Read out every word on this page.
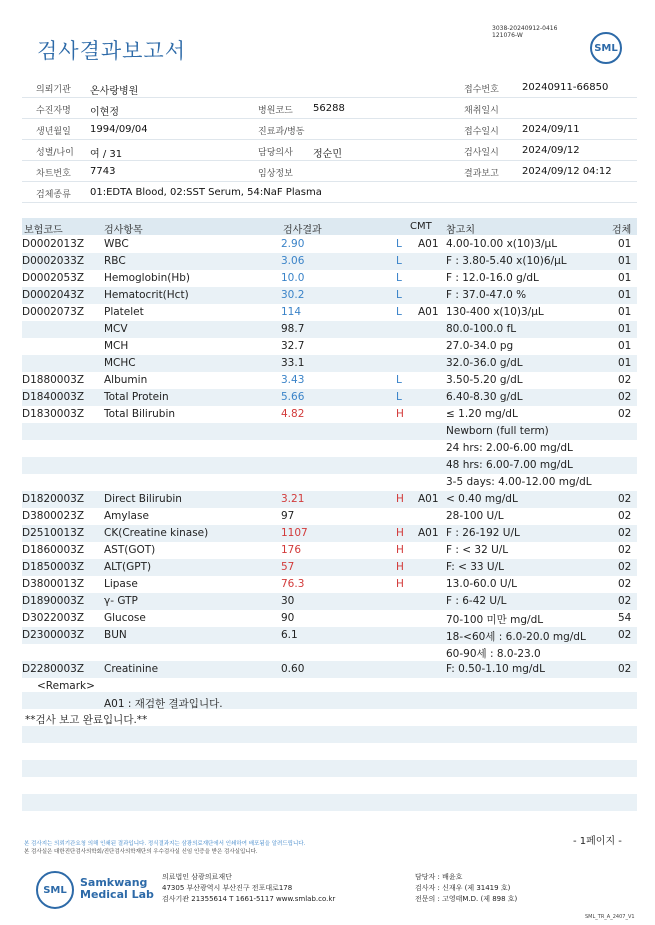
검사결과보고서
3038-20240912-0416
121076-W
SML
의뢰기관 온사랑병원	접수번호 20240911-66850
수진자명 이현정	병원코드 56288	채취일시
생년월일 1994/09/04	진료과/병동	접수일시 2024/09/11
성별/나이 여 / 31	담당의사 정순민	검사일시 2024/09/12
차트번호 7743	임상정보	결과보고 2024/09/12 04:12
검체종류 01:EDTA Blood, 02:SST Serum, 54:NaF Plasma
보험코드	검사항목	검사결과	CMT 참고치	검체
D0002013Z WBC	2.90	L A01 4.00-10.00 x(10)3/μL	01
D0002033Z RBC	3.06	L	F : 3.80-5.40 x(10)6/μL	01
D0002053Z Hemoglobin(Hb)	10.0	L	F : 12.0-16.0 g/dL	01
D0002043Z Hematocrit(Hct)	30.2	L	F : 37.0-47.0 %	01
D0002073Z Platelet	114	L A01 130-400 x(10)3/μL	01
MCV	98.7	80.0-100.0 fL	01
MCH	32.7	27.0-34.0 pg	01
MCHC	33.1	32.0-36.0 g/dL	01
D1880003Z Albumin	3.43	L	3.50-5.20 g/dL	02
D1840003Z Total Protein	5.66	L	6.40-8.30 g/dL	02
D1830003Z Total Bilirubin	4.82	H	≤ 1.20 mg/dL	02
Newborn (full term)
24 hrs: 2.00-6.00 mg/dL
48 hrs: 6.00-7.00 mg/dL
3-5 days: 4.00-12.00 mg/dL
D1820003Z Direct Bilirubin	3.21	H A01 < 0.40 mg/dL	02
D3800023Z Amylase	97	28-100 U/L	02
D2510013Z CK(Creatine kinase)	1107	H A01 F : 26-192 U/L	02
D1860003Z AST(GOT)	176	H	F : < 32 U/L	02
D1850003Z ALT(GPT)	57	H	F: < 33 U/L	02
D3800013Z Lipase	76.3	H	13.0-60.0 U/L	02
D1890003Z γ- GTP	30	F : 6-42 U/L	02
D3022003Z Glucose	90	70-100 미만 mg/dL	54
D2300003Z BUN	6.1	18-<60세 : 6.0-20.0 mg/dL	02
60-90세 : 8.0-23.0
D2280003Z Creatinine	0.60	F: 0.50-1.10 mg/dL	02
<Remark>
A01 : 재검한 결과입니다.
**검사 보고 완료입니다.**
- 1페이지 -
본 검사지는 의뢰기관요청 의해 인쇄된 결과입니다. 정식결과지는 삼광의료재단에서 인쇄하여 배포됨을 알려드립니다.
본 검사실은 대한진단검사의학회/진단검사의학재단의 우수검사실 신임 인증을 받은 검사실입니다.
SML
Samkwang
Medical Lab
의료법인 삼광의료재단
47305 부산광역시 부산진구 전포대로178
검사기관 21355614 T 1661-5117 www.smlab.co.kr
담당자 : 배윤호
검사자 : 신재우 (제 31419 호)
전문의 : 고영태M.D. (제 898 호)
SML_TR_A_2407_V1
